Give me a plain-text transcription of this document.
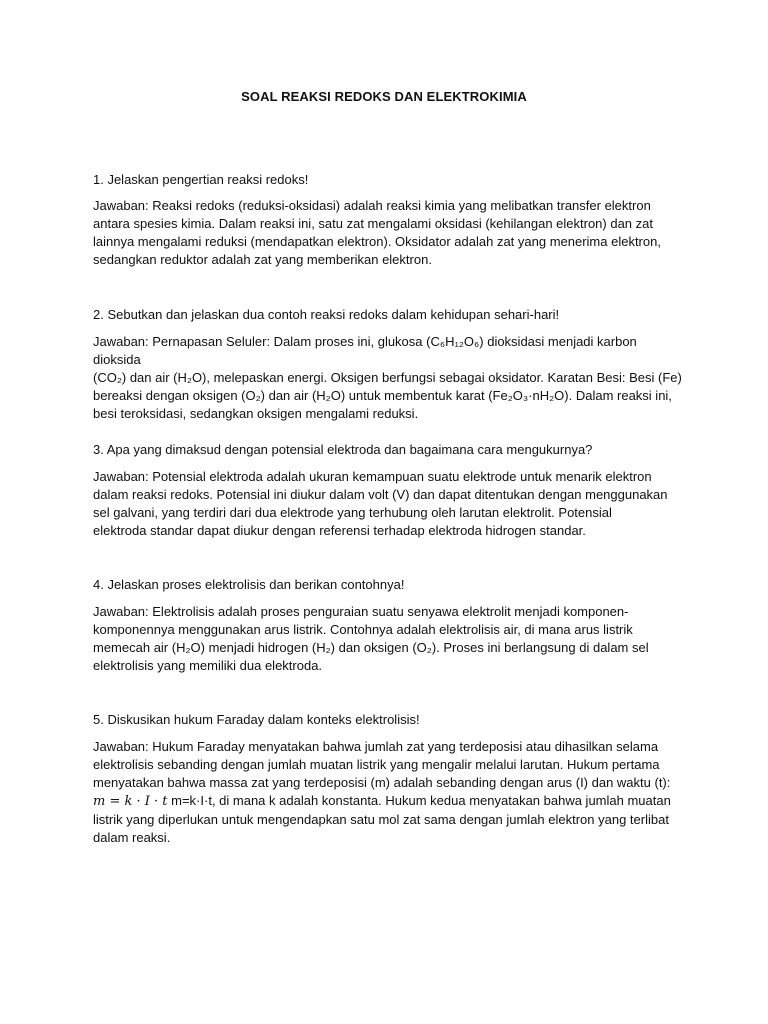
SOAL REAKSI REDOKS DAN ELEKTROKIMIA
1. Jelaskan pengertian reaksi redoks!
Jawaban: Reaksi redoks (reduksi-oksidasi) adalah reaksi kimia yang melibatkan transfer elektron
antara spesies kimia. Dalam reaksi ini, satu zat mengalami oksidasi (kehilangan elektron) dan zat
lainnya mengalami reduksi (mendapatkan elektron). Oksidator adalah zat yang menerima elektron,
sedangkan reduktor adalah zat yang memberikan elektron.
2. Sebutkan dan jelaskan dua contoh reaksi redoks dalam kehidupan sehari-hari!
Jawaban: Pernapasan Seluler: Dalam proses ini, glukosa (C₆H₁₂O₆) dioksidasi menjadi karbon dioksida
(CO₂) dan air (H₂O), melepaskan energi. Oksigen berfungsi sebagai oksidator. Karatan Besi: Besi (Fe)
bereaksi dengan oksigen (O₂) dan air (H₂O) untuk membentuk karat (Fe₂O₃·nH₂O). Dalam reaksi ini,
besi teroksidasi, sedangkan oksigen mengalami reduksi.
3. Apa yang dimaksud dengan potensial elektroda dan bagaimana cara mengukurnya?
Jawaban: Potensial elektroda adalah ukuran kemampuan suatu elektrode untuk menarik elektron
dalam reaksi redoks. Potensial ini diukur dalam volt (V) dan dapat ditentukan dengan menggunakan
sel galvani, yang terdiri dari dua elektrode yang terhubung oleh larutan elektrolit. Potensial
elektroda standar dapat diukur dengan referensi terhadap elektroda hidrogen standar.
4. Jelaskan proses elektrolisis dan berikan contohnya!
Jawaban: Elektrolisis adalah proses penguraian suatu senyawa elektrolit menjadi komponen-
komponennya menggunakan arus listrik. Contohnya adalah elektrolisis air, di mana arus listrik
memecah air (H₂O) menjadi hidrogen (H₂) dan oksigen (O₂). Proses ini berlangsung di dalam sel
elektrolisis yang memiliki dua elektroda.
5. Diskusikan hukum Faraday dalam konteks elektrolisis!
Jawaban: Hukum Faraday menyatakan bahwa jumlah zat yang terdeposisi atau dihasilkan selama
elektrolisis sebanding dengan jumlah muatan listrik yang mengalir melalui larutan. Hukum pertama
menyatakan bahwa massa zat yang terdeposisi (m) adalah sebanding dengan arus (I) dan waktu (t):
m = k · I · t m=k·I·t, di mana k adalah konstanta. Hukum kedua menyatakan bahwa jumlah muatan
listrik yang diperlukan untuk mengendapkan satu mol zat sama dengan jumlah elektron yang terlibat
dalam reaksi.
